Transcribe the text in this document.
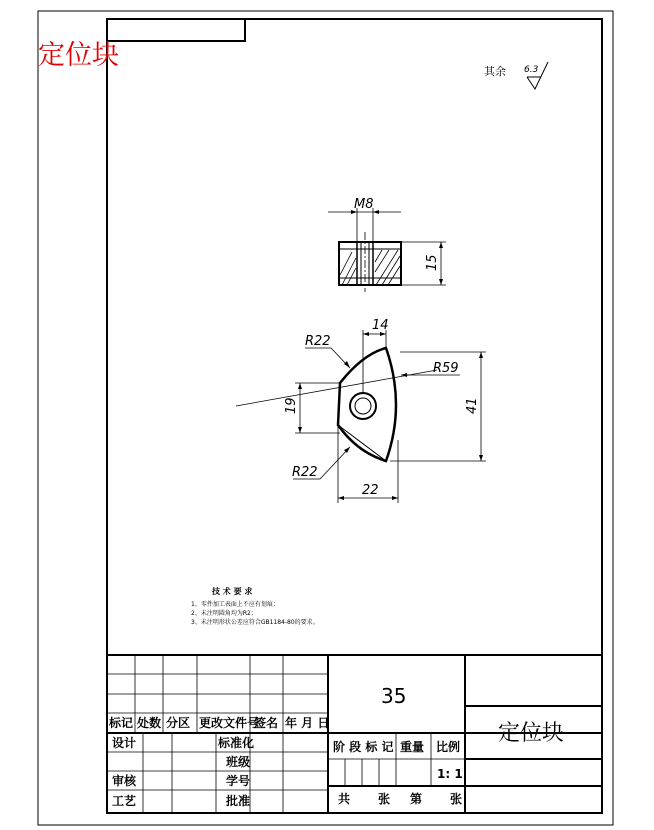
定位块
其余 6.3
M8
15
14
R22
R59
19	41
R22
22
技 术 要 求
1、零件加工表面上不应有划痕；
2、未注明圆角均为R2；
3、未注明形状公差应符合GB1184-80的要求。
标记 处数 分区 更改文件号
签名 年 月 日
设计
审核
工艺
标准化
班级
学号
批准
35
阶 段 标 记 重量 比例
1: 1
共 张 第 张
定位块
